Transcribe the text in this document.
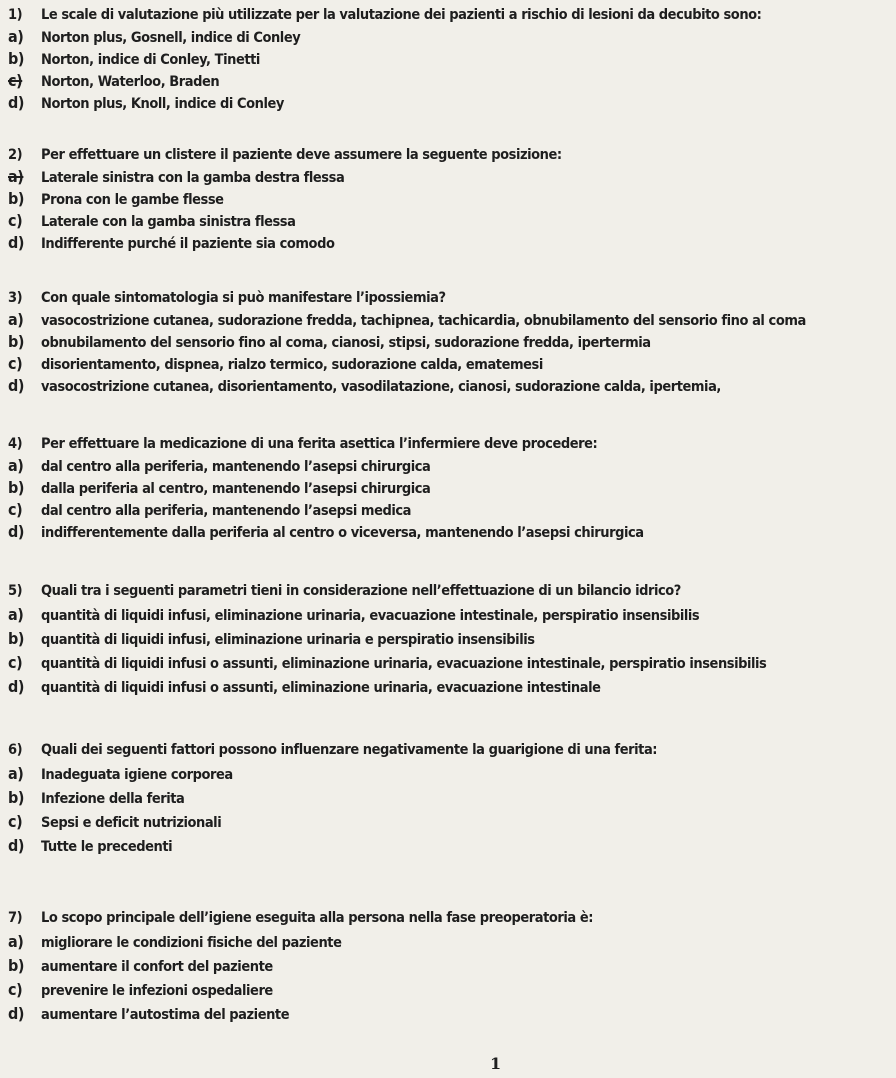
1)	Le scale di valutazione più utilizzate per la valutazione dei pazienti a rischio di lesioni da decubito sono:
a)	Norton plus, Gosnell, indice di Conley
b)	Norton, indice di Conley, Tinetti
c)	Norton, Waterloo, Braden
d)	Norton plus, Knoll, indice di Conley
2)	Per effettuare un clistere il paziente deve assumere la seguente posizione:
a)	Laterale sinistra con la gamba destra flessa
b)	Prona con le gambe flesse
c)	Laterale con la gamba sinistra flessa
d)	Indifferente purché il paziente sia comodo
3)	Con quale sintomatologia si può manifestare l’ipossiemia?
a)	vasocostrizione cutanea, sudorazione fredda, tachipnea, tachicardia, obnubilamento del sensorio fino al coma
b)	obnubilamento del sensorio fino al coma, cianosi, stipsi, sudorazione fredda, ipertermia
c)	disorientamento, dispnea, rialzo termico, sudorazione calda, ematemesi
d)	vasocostrizione cutanea, disorientamento, vasodilatazione, cianosi, sudorazione calda, ipertemia,
4)	Per effettuare la medicazione di una ferita asettica l’infermiere deve procedere:
a)	dal centro alla periferia, mantenendo l’asepsi chirurgica
b)	dalla periferia al centro, mantenendo l’asepsi chirurgica
c)	dal centro alla periferia, mantenendo l’asepsi medica
d)	indifferentemente dalla periferia al centro o viceversa, mantenendo l’asepsi chirurgica
5)	Quali tra i seguenti parametri tieni in considerazione nell’effettuazione di un bilancio idrico?
a)	quantità di liquidi infusi, eliminazione urinaria, evacuazione intestinale, perspiratio insensibilis
b)	quantità di liquidi infusi, eliminazione urinaria e perspiratio insensibilis
c)	quantità di liquidi infusi o assunti, eliminazione urinaria, evacuazione intestinale, perspiratio insensibilis
d)	quantità di liquidi infusi o assunti, eliminazione urinaria, evacuazione intestinale
6)	Quali dei seguenti fattori possono influenzare negativamente la guarigione di una ferita:
a)	Inadeguata igiene corporea
b)	Infezione della ferita
c)	Sepsi e deficit nutrizionali
d)	Tutte le precedenti
7)	Lo scopo principale dell’igiene eseguita alla persona nella fase preoperatoria è:
a)	migliorare le condizioni fisiche del paziente
b)	aumentare il confort del paziente
c)	prevenire le infezioni ospedaliere
d)	aumentare l’autostima del paziente
1
